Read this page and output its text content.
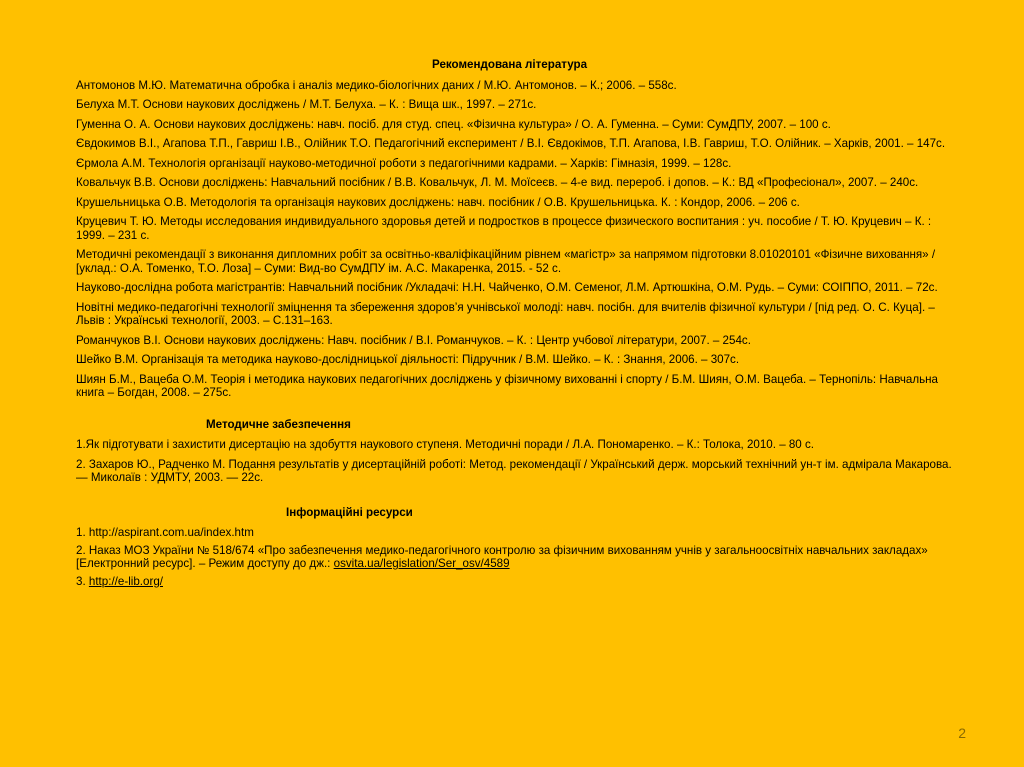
Рекомендована література
Антомонов М.Ю. Математична обробка і аналіз медико-біологічних даних / М.Ю. Антомонов. – К.; 2006. – 558с.
Белуха М.Т. Основи наукових досліджень / М.Т. Белуха. – К. : Вища шк., 1997. – 271с.
Гуменна О. А. Основи наукових досліджень: навч. посіб. для студ. спец. «Фізична культура» / О. А. Гуменна. – Суми: СумДПУ, 2007. – 100 с.
Євдокимов В.І., Агапова Т.П., Гавриш І.В., Олійник Т.О. Педагогічний експеримент / В.І. Євдокімов, Т.П. Агапова, І.В. Гавриш, Т.О. Олійник. – Харків, 2001. – 147с.
Єрмола А.М. Технологія організації науково-методичної роботи з педагогічними кадрами. – Харків: Гімназія, 1999. – 128с.
Ковальчук В.В. Основи досліджень: Навчальний посібник / В.В. Ковальчук, Л. М. Моїсеєв. – 4-е вид. перероб. і допов. – К.: ВД «Професіонал», 2007. – 240с.
Крушельницька О.В. Методологія та організація наукових досліджень: навч. посібник / О.В. Крушельницька. К. : Кондор, 2006. – 206 с.
Круцевич Т. Ю. Методы исследования индивидуального здоровья детей и подростков в процессе физического воспитания : уч. пособие / Т. Ю. Круцевич – К. : 1999. – 231 с.
Методичні рекомендації з виконання дипломних робіт за освітньо-кваліфікаційним рівнем «магістр» за напрямом підготовки 8.01020101 «Фізичне виховання» / [уклад.: О.А. Томенко, Т.О. Лоза] – Суми: Вид-во СумДПУ ім. А.С. Макаренка, 2015. - 52 с.
Науково-дослідна робота магістрантів: Навчальний посібник /Укладачі: Н.Н. Чайченко, О.М. Семеног, Л.М. Артюшкіна, О.М. Рудь. – Суми: СОІППО, 2011. – 72с.
Новітні медико-педагогічні технології зміцнення та збереження здоров’я учнівської молоді: навч. посібн. для вчителів фізичної культури / [під ред. О. С. Куца]. – Львів : Українські технології, 2003. – С.131–163.
Романчуков В.І. Основи наукових досліджень: Навч. посібник / В.І. Романчуков. – К. : Центр учбової літератури, 2007. – 254с.
Шейко В.М. Організація та методика науково-дослідницької діяльності: Підручник / В.М. Шейко. – К. : Знання, 2006. – 307с.
Шиян Б.М., Вацеба О.М. Теорія і методика наукових педагогічних досліджень у фізичному вихованні і спорту / Б.М. Шиян, О.М. Вацеба. – Тернопіль: Навчальна книга – Богдан, 2008. – 275с.
Методичне забезпечення
1.Як підготувати і захистити дисертацію на здобуття наукового ступеня. Методичні поради / Л.А. Пономаренко. – К.: Толока, 2010. – 80 с.
2. Захаров Ю., Радченко М. Подання результатів у дисертаційній роботі: Метод. рекомендації / Український держ. морський технічний ун-т ім. адмірала Макарова. — Миколаїв : УДМТУ, 2003. — 22с.
Інформаційні ресурси
1. http://aspirant.com.ua/index.htm
2. Наказ МОЗ України № 518/674 «Про забезпечення медико-педагогічного контролю за фізичним вихованням учнів у загальноосвітніх навчальних закладах» [Електронний ресурс]. – Режим доступу до дж.: osvita.ua/legislation/Ser_osv/4589
3. http://e-lib.org/
2
